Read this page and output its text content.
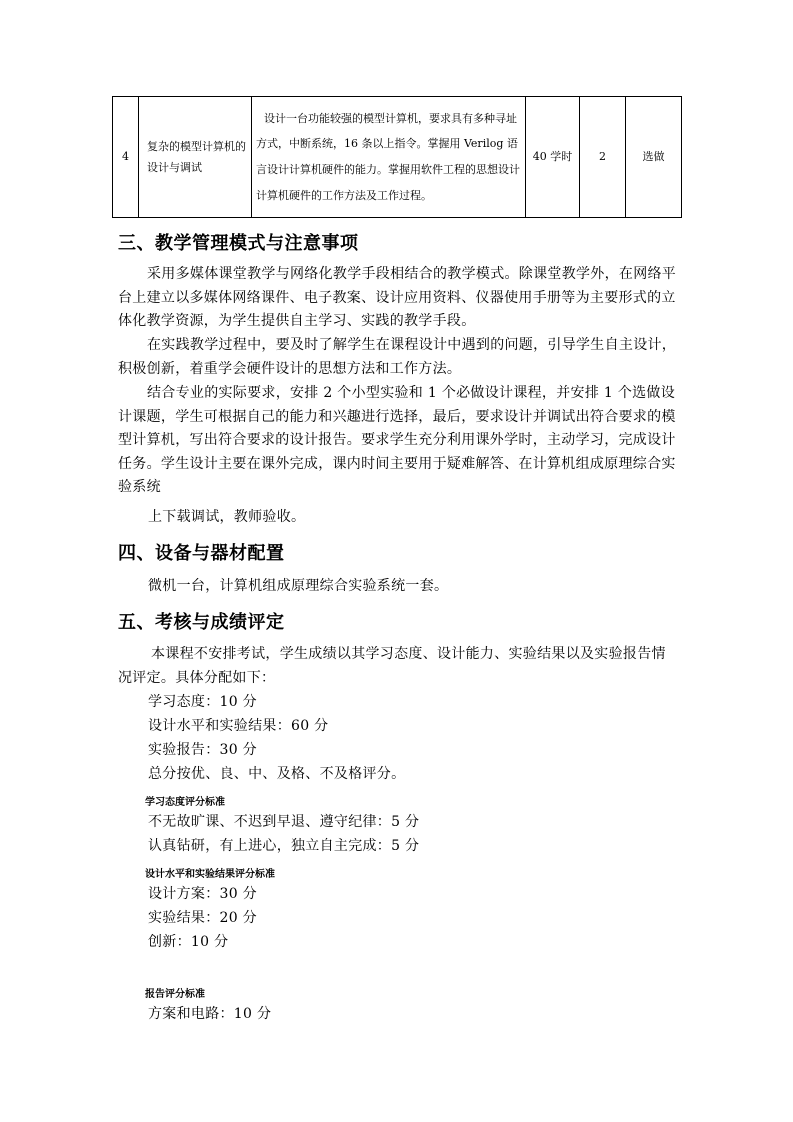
4	复杂的模型计算机的设计与调试	设计一台功能较强的模型计算机，要求具有多种寻址方式，中断系统，16 条以上指令。掌握用 Verilog 语言设计计算机硬件的能力。掌握用软件工程的思想设计计算机硬件的工作方法及工作过程。	40 学时	2	选做
三、教学管理模式与注意事项

采用多媒体课堂教学与网络化教学手段相结合的教学模式。除课堂教学外，在网络平台上建立以多媒体网络课件、电子教案、设计应用资料、仪器使用手册等为主要形式的立体化教学资源，为学生提供自主学习、实践的教学手段。

在实践教学过程中，要及时了解学生在课程设计中遇到的问题，引导学生自主设计，积极创新，着重学会硬件设计的思想方法和工作方法。

结合专业的实际要求，安排 2 个小型实验和 1 个必做设计课程，并安排 1 个选做设计课题，学生可根据自己的能力和兴趣进行选择，最后，要求设计并调试出符合要求的模型计算机，写出符合要求的设计报告。要求学生充分利用课外学时，主动学习，完成设计任务。学生设计主要在课外完成，课内时间主要用于疑难解答、在计算机组成原理综合实验系统

上下载调试，教师验收。

四、设备与器材配置

微机一台，计算机组成原理综合实验系统一套。

五、考核与成绩评定

本课程不安排考试，学生成绩以其学习态度、设计能力、实验结果以及实验报告情况评定。具体分配如下：

学习态度：10 分

设计水平和实验结果：60 分

实验报告：30 分

总分按优、良、中、及格、不及格评分。

学习态度评分标准

不无故旷课、不迟到早退、遵守纪律：5 分

认真钻研，有上进心，独立自主完成：5 分

设计水平和实验结果评分标准

设计方案：30 分

实验结果：20 分

创新：10 分

报告评分标准

方案和电路：10 分
